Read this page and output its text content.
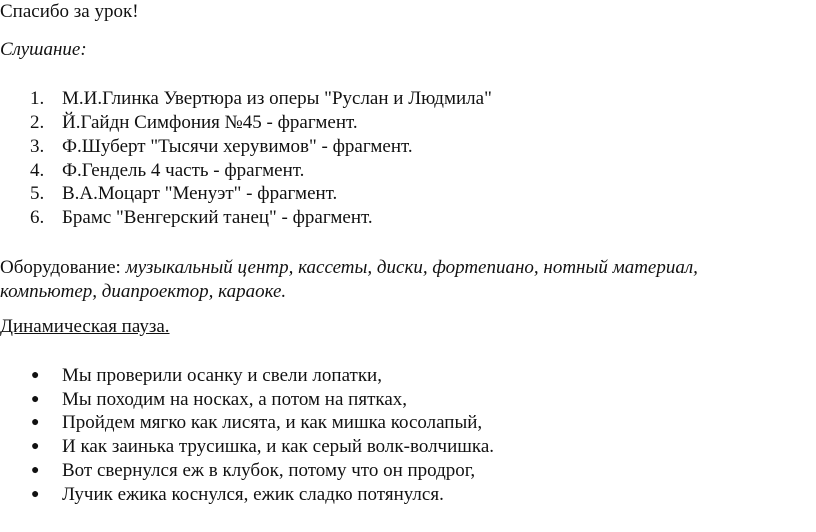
Спасибо за урок!
Слушание:
1. М.И.Глинка Увертюра из оперы "Руслан и Людмила"
2. Й.Гайдн Симфония №45 - фрагмент.
3. Ф.Шуберт "Тысячи херувимов" - фрагмент.
4. Ф.Гендель 4 часть - фрагмент.
5. В.А.Моцарт "Менуэт" - фрагмент.
6. Брамс "Венгерский танец" - фрагмент.
Оборудование: музыкальный центр, кассеты, диски, фортепиано, нотный материал,
компьютер, диапроектор, караоке.
Динамическая пауза.
● Мы проверили осанку и свели лопатки,
● Мы походим на носках, а потом на пятках,
● Пройдем мягко как лисята, и как мишка косолапый,
● И как заинька трусишка, и как серый волк-волчишка.
● Вот свернулся еж в клубок, потому что он продрог,
● Лучик ежика коснулся, ежик сладко потянулся.
